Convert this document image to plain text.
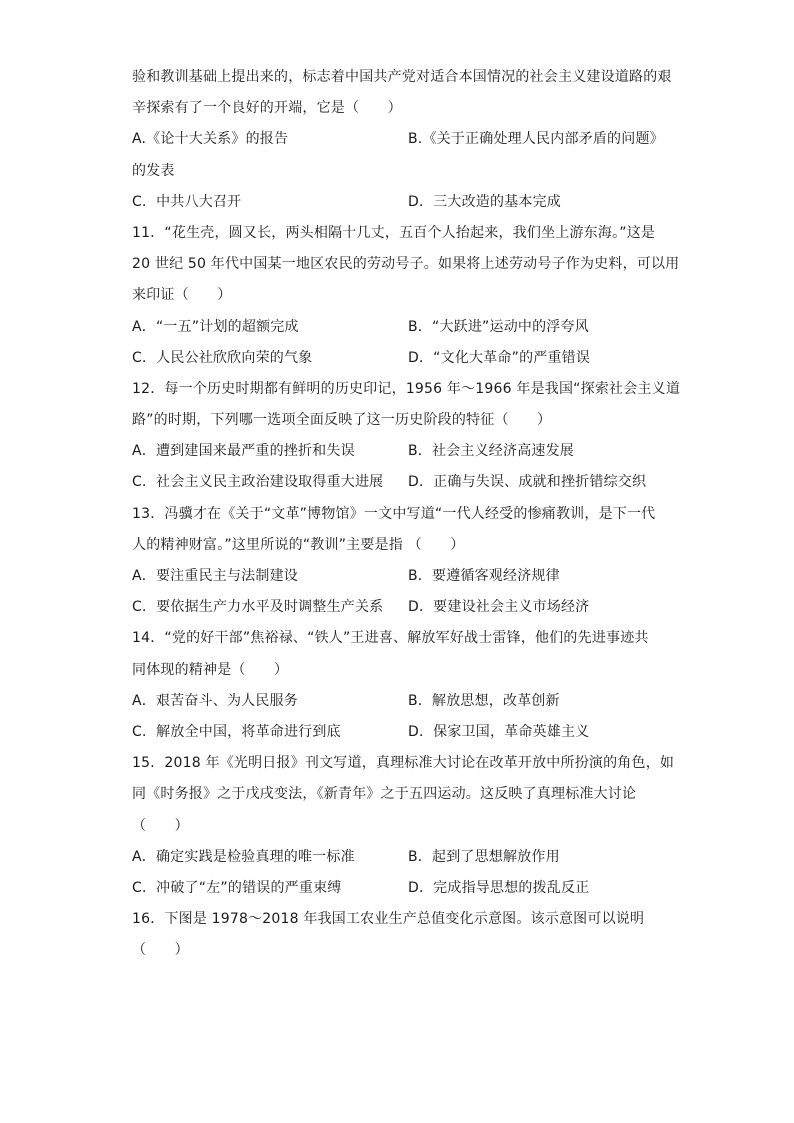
验和教训基础上提出来的，标志着中国共产党对适合本国情况的社会主义建设道路的艰
辛探索有了一个良好的开端，它是（　　）
A.《论十大关系》的报告	B.《关于正确处理人民内部矛盾的问题》
的发表
C．中共八大召开	D．三大改造的基本完成
11．“花生壳，圆又长，两头相隔十几丈，五百个人抬起来，我们坐上游东海。”这是
20 世纪 50 年代中国某一地区农民的劳动号子。如果将上述劳动号子作为史料，可以用
来印证（　　）
A．“一五”计划的超额完成	B．“大跃进”运动中的浮夸风
C．人民公社欣欣向荣的气象	D．“文化大革命”的严重错误
12．每一个历史时期都有鲜明的历史印记，1956 年～1966 年是我国“探索社会主义道
路”的时期，下列哪一选项全面反映了这一历史阶段的特征（　　）
A．遭到建国来最严重的挫折和失误	B．社会主义经济高速发展
C．社会主义民主政治建设取得重大进展	D．正确与失误、成就和挫折错综交织
13．冯骥才在《关于“文革”博物馆》一文中写道“一代人经受的惨痛教训，是下一代
人的精神财富。”这里所说的“教训”主要是指 （　　）
A．要注重民主与法制建设	B．要遵循客观经济规律
C．要依据生产力水平及时调整生产关系	D．要建设社会主义市场经济
14．“党的好干部”焦裕禄、“铁人”王进喜、解放军好战士雷锋，他们的先进事迹共
同体现的精神是（　　）
A．艰苦奋斗、为人民服务	B．解放思想，改革创新
C．解放全中国，将革命进行到底	D．保家卫国，革命英雄主义
15．2018 年《光明日报》刊文写道，真理标准大讨论在改革开放中所扮演的角色，如
同《时务报》之于戊戌变法，《新青年》之于五四运动。这反映了真理标准大讨论
（　　）
A．确定实践是检验真理的唯一标准	B．起到了思想解放作用
C．冲破了“左”的错误的严重束缚	D．完成指导思想的拨乱反正
16．下图是 1978～2018 年我国工农业生产总值变化示意图。该示意图可以说明
（　　）
